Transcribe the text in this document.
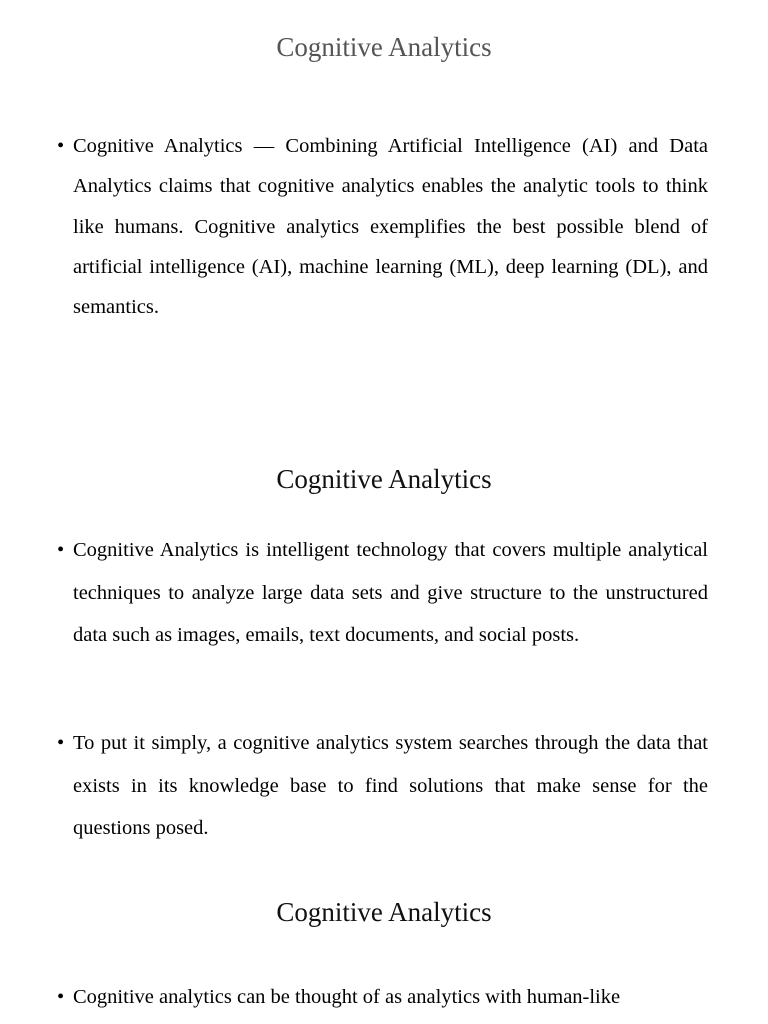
Cognitive Analytics

• Cognitive Analytics — Combining Artificial Intelligence (AI) and Data Analytics claims that cognitive analytics enables the analytic tools to think like humans. Cognitive analytics exemplifies the best possible blend of artificial intelligence (AI), machine learning (ML), deep learning (DL), and semantics.

Cognitive Analytics

• Cognitive Analytics is intelligent technology that covers multiple analytical techniques to analyze large data sets and give structure to the unstructured data such as images, emails, text documents, and social posts.

• To put it simply, a cognitive analytics system searches through the data that exists in its knowledge base to find solutions that make sense for the questions posed.

Cognitive Analytics

• Cognitive analytics can be thought of as analytics with human-like
